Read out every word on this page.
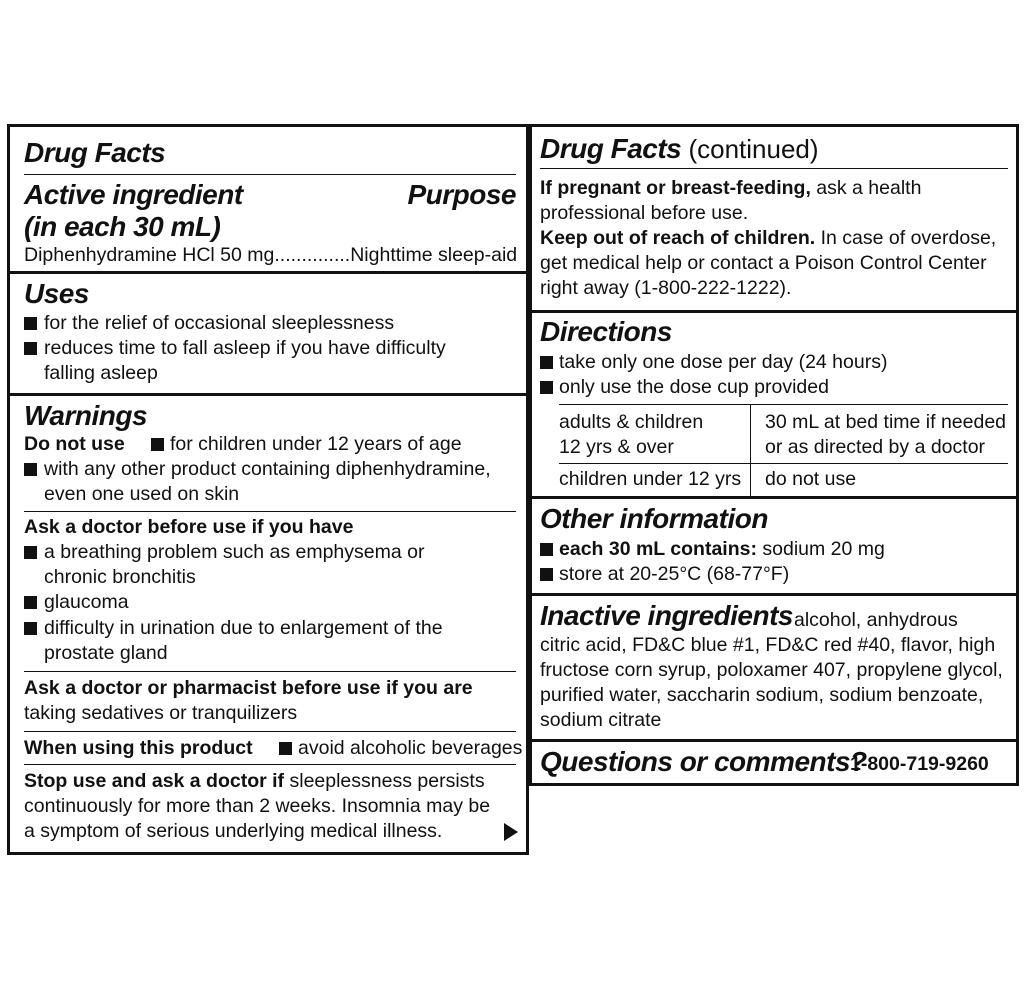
Drug Facts
Active ingredient
(in each 30 mL)
Purpose
Diphenhydramine HCl 50 mg..............Nighttime sleep-aid
Uses
for the relief of occasional sleeplessness
reduces time to fall asleep if you have difficulty
falling asleep
Warnings
Do not use for children under 12 years of age
with any other product containing diphenhydramine,
even one used on skin
Ask a doctor before use if you have
a breathing problem such as emphysema or
chronic bronchitis
glaucoma
difficulty in urination due to enlargement of the
prostate gland
Ask a doctor or pharmacist before use if you are
taking sedatives or tranquilizers
When using this product avoid alcoholic beverages
Stop use and ask a doctor if sleeplessness persists
continuously for more than 2 weeks. Insomnia may be
a symptom of serious underlying medical illness.
Drug Facts (continued)
If pregnant or breast-feeding, ask a health
professional before use.
Keep out of reach of children. In case of overdose,
get medical help or contact a Poison Control Center
right away (1-800-222-1222).
Directions
take only one dose per day (24 hours)
only use the dose cup provided
adults & children
12 yrs & over
30 mL at bed time if needed
or as directed by a doctor
children under 12 yrs do not use
Other information
each 30 mL contains: sodium 20 mg
store at 20-25°C (68-77°F)
Inactive ingredients alcohol, anhydrous
citric acid, FD&C blue #1, FD&C red #40, flavor, high
fructose corn syrup, poloxamer 407, propylene glycol,
purified water, saccharin sodium, sodium benzoate,
sodium citrate
Questions or comments?
1-800-719-9260
